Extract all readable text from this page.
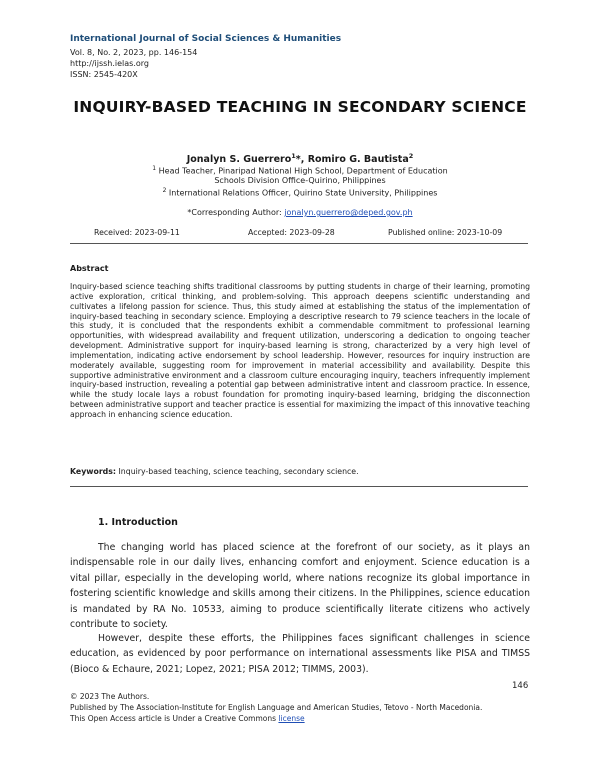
International Journal of Social Sciences & Humanities
Vol. 8, No. 2, 2023, pp. 146-154
http://ijssh.ielas.org
ISSN: 2545-420X
INQUIRY-BASED TEACHING IN SECONDARY SCIENCE
Jonalyn S. Guerrero$^1$*, Romiro G. Bautista$^2$
$^1$ Head Teacher, Pinaripad National High School, Department of Education
Schools Division Office-Quirino, Philippines
$^2$ International Relations Officer, Quirino State University, Philippines
*Corresponding Author: jonalyn.guerrero@deped.gov.ph
Received: 2023-09-11	Accepted: 2023-09-28	Published online: 2023-10-09
Abstract
Inquiry-based science teaching shifts traditional classrooms by putting students in charge of their learning, promoting active exploration, critical thinking, and problem-solving. This approach deepens scientific understanding and cultivates a lifelong passion for science. Thus, this study aimed at establishing the status of the implementation of inquiry-based teaching in secondary science. Employing a descriptive research to 79 science teachers in the locale of this study, it is concluded that the respondents exhibit a commendable commitment to professional learning opportunities, with widespread availability and frequent utilization, underscoring a dedication to ongoing teacher development. Administrative support for inquiry-based learning is strong, characterized by a very high level of implementation, indicating active endorsement by school leadership. However, resources for inquiry instruction are moderately available, suggesting room for improvement in material accessibility and availability. Despite this supportive administrative environment and a classroom culture encouraging inquiry, teachers infrequently implement inquiry-based instruction, revealing a potential gap between administrative intent and classroom practice. In essence, while the study locale lays a robust foundation for promoting inquiry-based learning, bridging the disconnection between administrative support and teacher practice is essential for maximizing the impact of this innovative teaching approach in enhancing science education.
Keywords: Inquiry-based teaching, science teaching, secondary science.
1. Introduction
The changing world has placed science at the forefront of our society, as it plays an indispensable role in our daily lives, enhancing comfort and enjoyment. Science education is a vital pillar, especially in the developing world, where nations recognize its global importance in fostering scientific knowledge and skills among their citizens. In the Philippines, science education is mandated by RA No. 10533, aiming to produce scientifically literate citizens who actively contribute to society.
However, despite these efforts, the Philippines faces significant challenges in science education, as evidenced by poor performance on international assessments like PISA and TIMSS (Bioco & Echaure, 2021; Lopez, 2021; PISA 2012; TIMMS, 2003).
146
© 2023 The Authors.
Published by The Association-Institute for English Language and American Studies, Tetovo - North Macedonia.
This Open Access article is Under a Creative Commons license
